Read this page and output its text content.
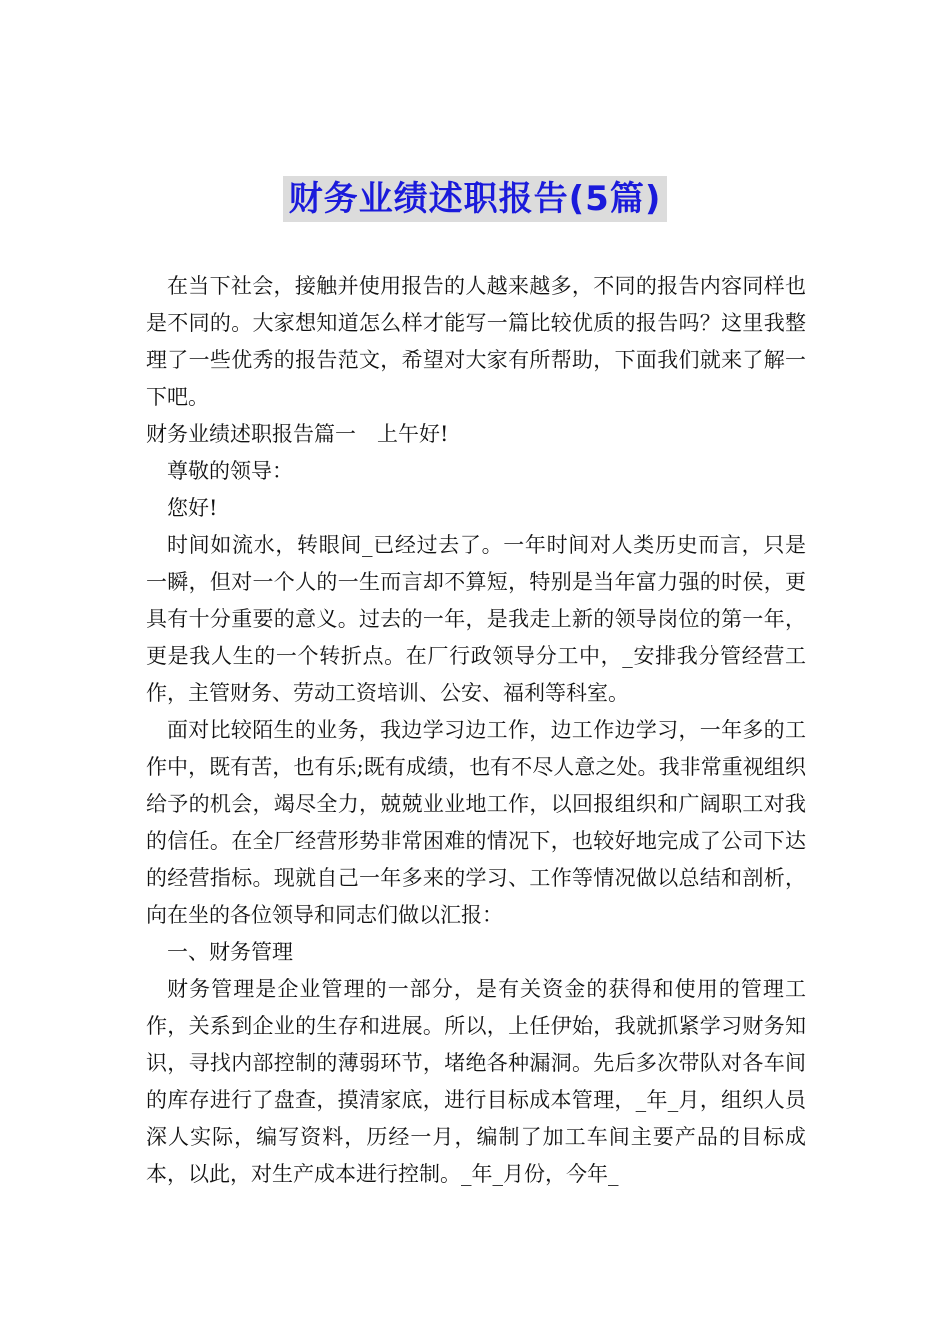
财务业绩述职报告(5篇)

在当下社会，接触并使用报告的人越来越多，不同的报告内容同样也是不同的。大家想知道怎么样才能写一篇比较优质的报告吗？这里我整理了一些优秀的报告范文，希望对大家有所帮助，下面我们就来了解一下吧。

财务业绩述职报告篇一　上午好!

尊敬的领导：

您好!

时间如流水，转眼间_已经过去了。一年时间对人类历史而言，只是一瞬，但对一个人的一生而言却不算短，特别是当年富力强的时侯，更具有十分重要的意义。过去的一年，是我走上新的领导岗位的第一年，更是我人生的一个转折点。在厂行政领导分工中，_安排我分管经营工作，主管财务、劳动工资培训、公安、福利等科室。

面对比较陌生的业务，我边学习边工作，边工作边学习，一年多的工作中，既有苦，也有乐;既有成绩，也有不尽人意之处。我非常重视组织给予的机会，竭尽全力，兢兢业业地工作，以回报组织和广阔职工对我的信任。在全厂经营形势非常困难的情况下，也较好地完成了公司下达的经营指标。现就自己一年多来的学习、工作等情况做以总结和剖析，向在坐的各位领导和同志们做以汇报：

一、财务管理

财务管理是企业管理的一部分，是有关资金的获得和使用的管理工作，关系到企业的生存和进展。所以，上任伊始，我就抓紧学习财务知识，寻找内部控制的薄弱环节，堵绝各种漏洞。先后多次带队对各车间的库存进行了盘查，摸清家底，进行目标成本管理，_年_月，组织人员深人实际，编写资料，历经一月，编制了加工车间主要产品的目标成本，以此，对生产成本进行控制。_年_月份，今年_
